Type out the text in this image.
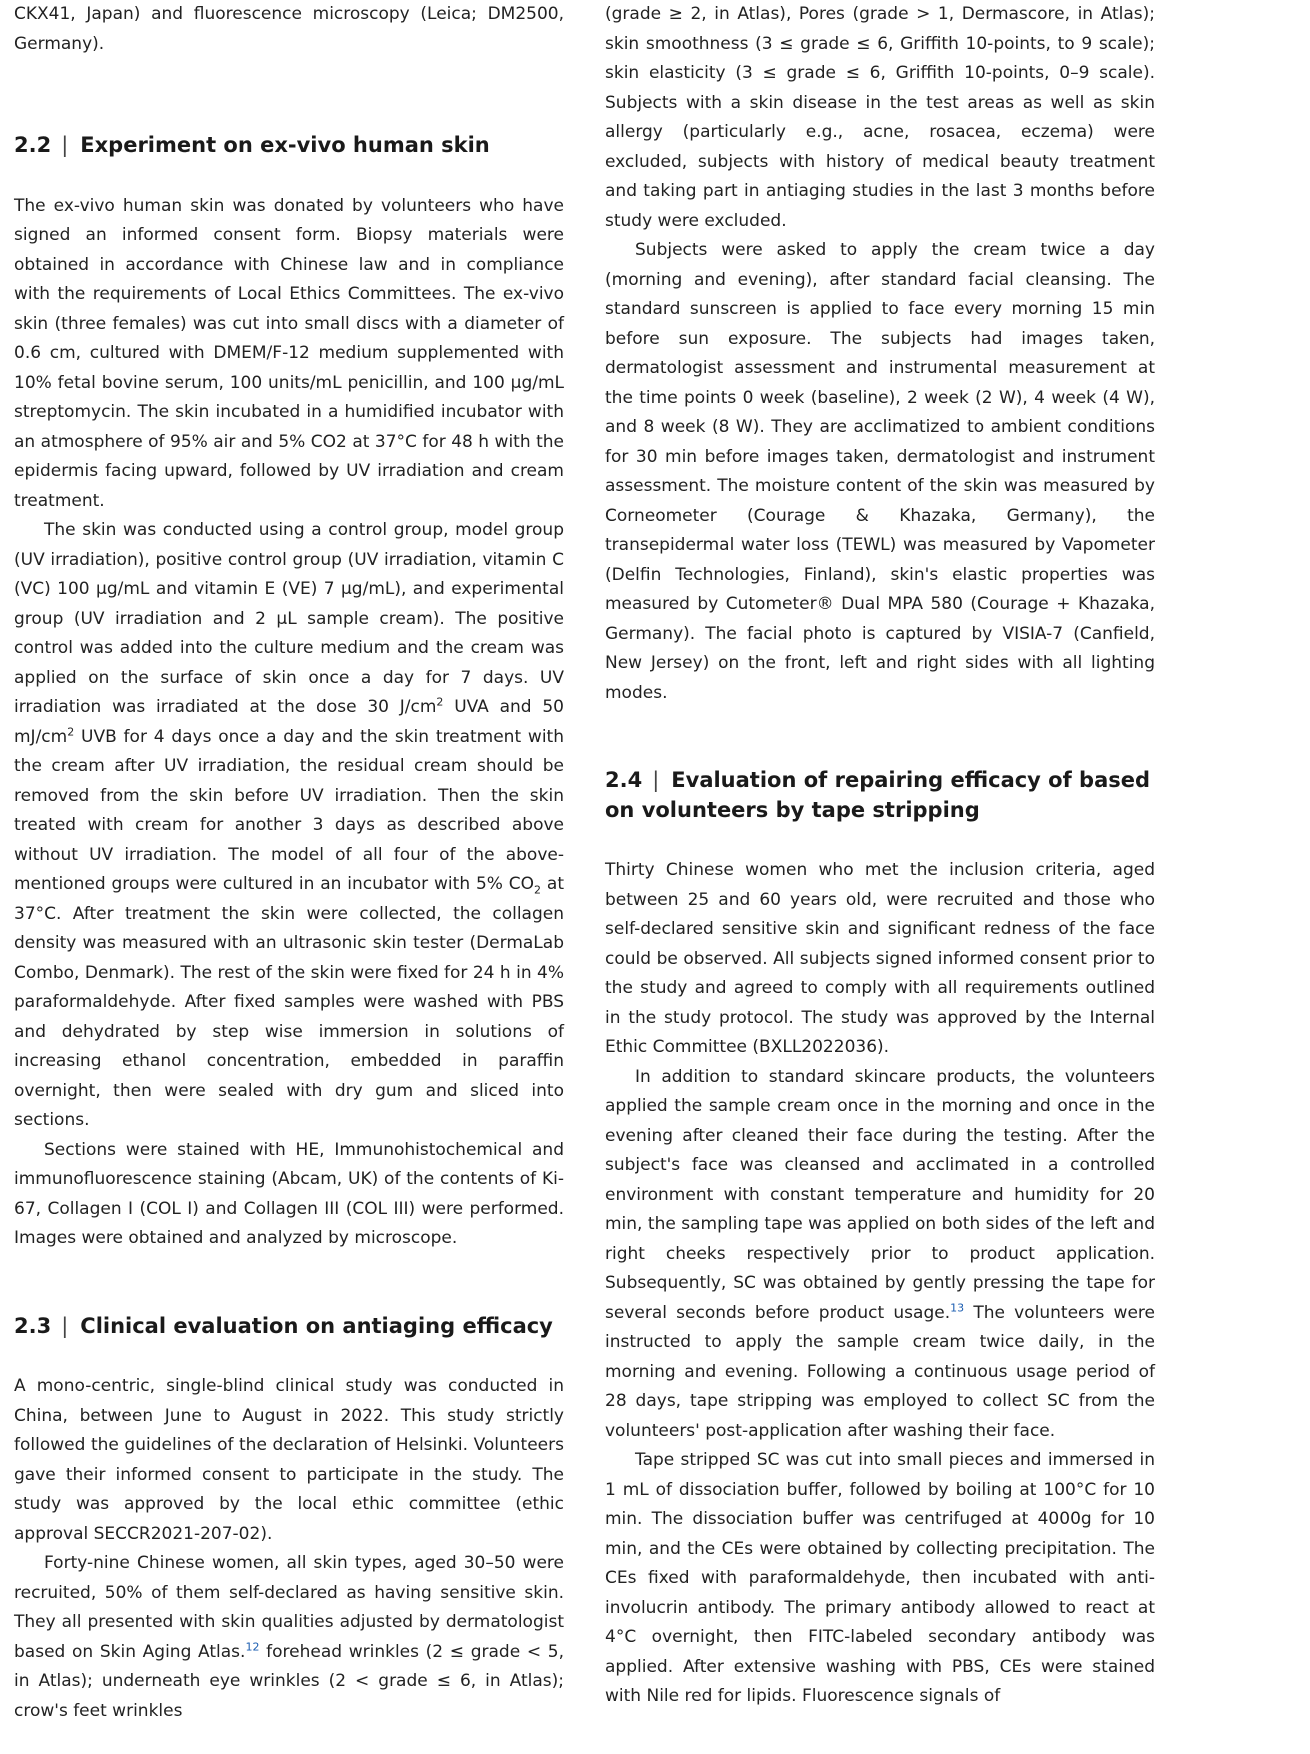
CKX41, Japan) and fluorescence microscopy (Leica; DM2500, Germany).

2.2 | Experiment on ex-vivo human skin

The ex-vivo human skin was donated by volunteers who have signed an informed consent form. Biopsy materials were obtained in accordance with Chinese law and in compliance with the requirements of Local Ethics Committees. The ex-vivo skin (three females) was cut into small discs with a diameter of 0.6 cm, cultured with DMEM/F-12 medium supplemented with 10% fetal bovine serum, 100 units/mL penicillin, and 100 μg/mL streptomycin. The skin incubated in a humidified incubator with an atmosphere of 95% air and 5% CO2 at 37°C for 48 h with the epidermis facing upward, followed by UV irradiation and cream treatment.

The skin was conducted using a control group, model group (UV irradiation), positive control group (UV irradiation, vitamin C (VC) 100 μg/mL and vitamin E (VE) 7 μg/mL), and experimental group (UV irradiation and 2 μL sample cream). The positive control was added into the culture medium and the cream was applied on the surface of skin once a day for 7 days. UV irradiation was irradiated at the dose 30 $J/cm^2$ UVA and 50 $mJ/cm^2$ UVB for 4 days once a day and the skin treatment with the cream after UV irradiation, the residual cream should be removed from the skin before UV irradiation. Then the skin treated with cream for another 3 days as described above without UV irradiation. The model of all four of the above-mentioned groups were cultured in an incubator with 5% $CO_2$ at 37°C. After treatment the skin were collected, the collagen density was measured with an ultrasonic skin tester (DermaLab Combo, Denmark). The rest of the skin were fixed for 24 h in 4% paraformaldehyde. After fixed samples were washed with PBS and dehydrated by step wise immersion in solutions of increasing ethanol concentration, embedded in paraffin overnight, then were sealed with dry gum and sliced into sections.

Sections were stained with HE, Immunohistochemical and immunofluorescence staining (Abcam, UK) of the contents of Ki-67, Collagen I (COL I) and Collagen III (COL III) were performed. Images were obtained and analyzed by microscope.

2.3 | Clinical evaluation on antiaging efficacy

A mono-centric, single-blind clinical study was conducted in China, between June to August in 2022. This study strictly followed the guidelines of the declaration of Helsinki. Volunteers gave their informed consent to participate in the study. The study was approved by the local ethic committee (ethic approval SECCR2021-207-02).

Forty-nine Chinese women, all skin types, aged 30–50 were recruited, 50% of them self-declared as having sensitive skin. They all presented with skin qualities adjusted by dermatologist based on Skin Aging Atlas.$^{12}$ forehead wrinkles (2 ≤ grade < 5, in Atlas); underneath eye wrinkles (2 < grade ≤ 6, in Atlas); crow's feet wrinkles

(grade ≥ 2, in Atlas), Pores (grade > 1, Dermascore, in Atlas); skin smoothness (3 ≤ grade ≤ 6, Griffith 10-points, to 9 scale); skin elasticity (3 ≤ grade ≤ 6, Griffith 10-points, 0–9 scale). Subjects with a skin disease in the test areas as well as skin allergy (particularly e.g., acne, rosacea, eczema) were excluded, subjects with history of medical beauty treatment and taking part in antiaging studies in the last 3 months before study were excluded.

Subjects were asked to apply the cream twice a day (morning and evening), after standard facial cleansing. The standard sunscreen is applied to face every morning 15 min before sun exposure. The subjects had images taken, dermatologist assessment and instrumental measurement at the time points 0 week (baseline), 2 week (2 W), 4 week (4 W), and 8 week (8 W). They are acclimatized to ambient conditions for 30 min before images taken, dermatologist and instrument assessment. The moisture content of the skin was measured by Corneometer (Courage & Khazaka, Germany), the transepidermal water loss (TEWL) was measured by Vapometer (Delfin Technologies, Finland), skin's elastic properties was measured by Cutometer® Dual MPA 580 (Courage + Khazaka, Germany). The facial photo is captured by VISIA-7 (Canfield, New Jersey) on the front, left and right sides with all lighting modes.

2.4 | Evaluation of repairing efficacy of based on volunteers by tape stripping

Thirty Chinese women who met the inclusion criteria, aged between 25 and 60 years old, were recruited and those who self-declared sensitive skin and significant redness of the face could be observed. All subjects signed informed consent prior to the study and agreed to comply with all requirements outlined in the study protocol. The study was approved by the Internal Ethic Committee (BXLL2022036).

In addition to standard skincare products, the volunteers applied the sample cream once in the morning and once in the evening after cleaned their face during the testing. After the subject's face was cleansed and acclimated in a controlled environment with constant temperature and humidity for 20 min, the sampling tape was applied on both sides of the left and right cheeks respectively prior to product application. Subsequently, SC was obtained by gently pressing the tape for several seconds before product usage.$^{13}$ The volunteers were instructed to apply the sample cream twice daily, in the morning and evening. Following a continuous usage period of 28 days, tape stripping was employed to collect SC from the volunteers' post-application after washing their face.

Tape stripped SC was cut into small pieces and immersed in 1 mL of dissociation buffer, followed by boiling at 100°C for 10 min. The dissociation buffer was centrifuged at 4000g for 10 min, and the CEs were obtained by collecting precipitation. The CEs fixed with paraformaldehyde, then incubated with anti-involucrin antibody. The primary antibody allowed to react at 4°C overnight, then FITC-labeled secondary antibody was applied. After extensive washing with PBS, CEs were stained with Nile red for lipids. Fluorescence signals of
